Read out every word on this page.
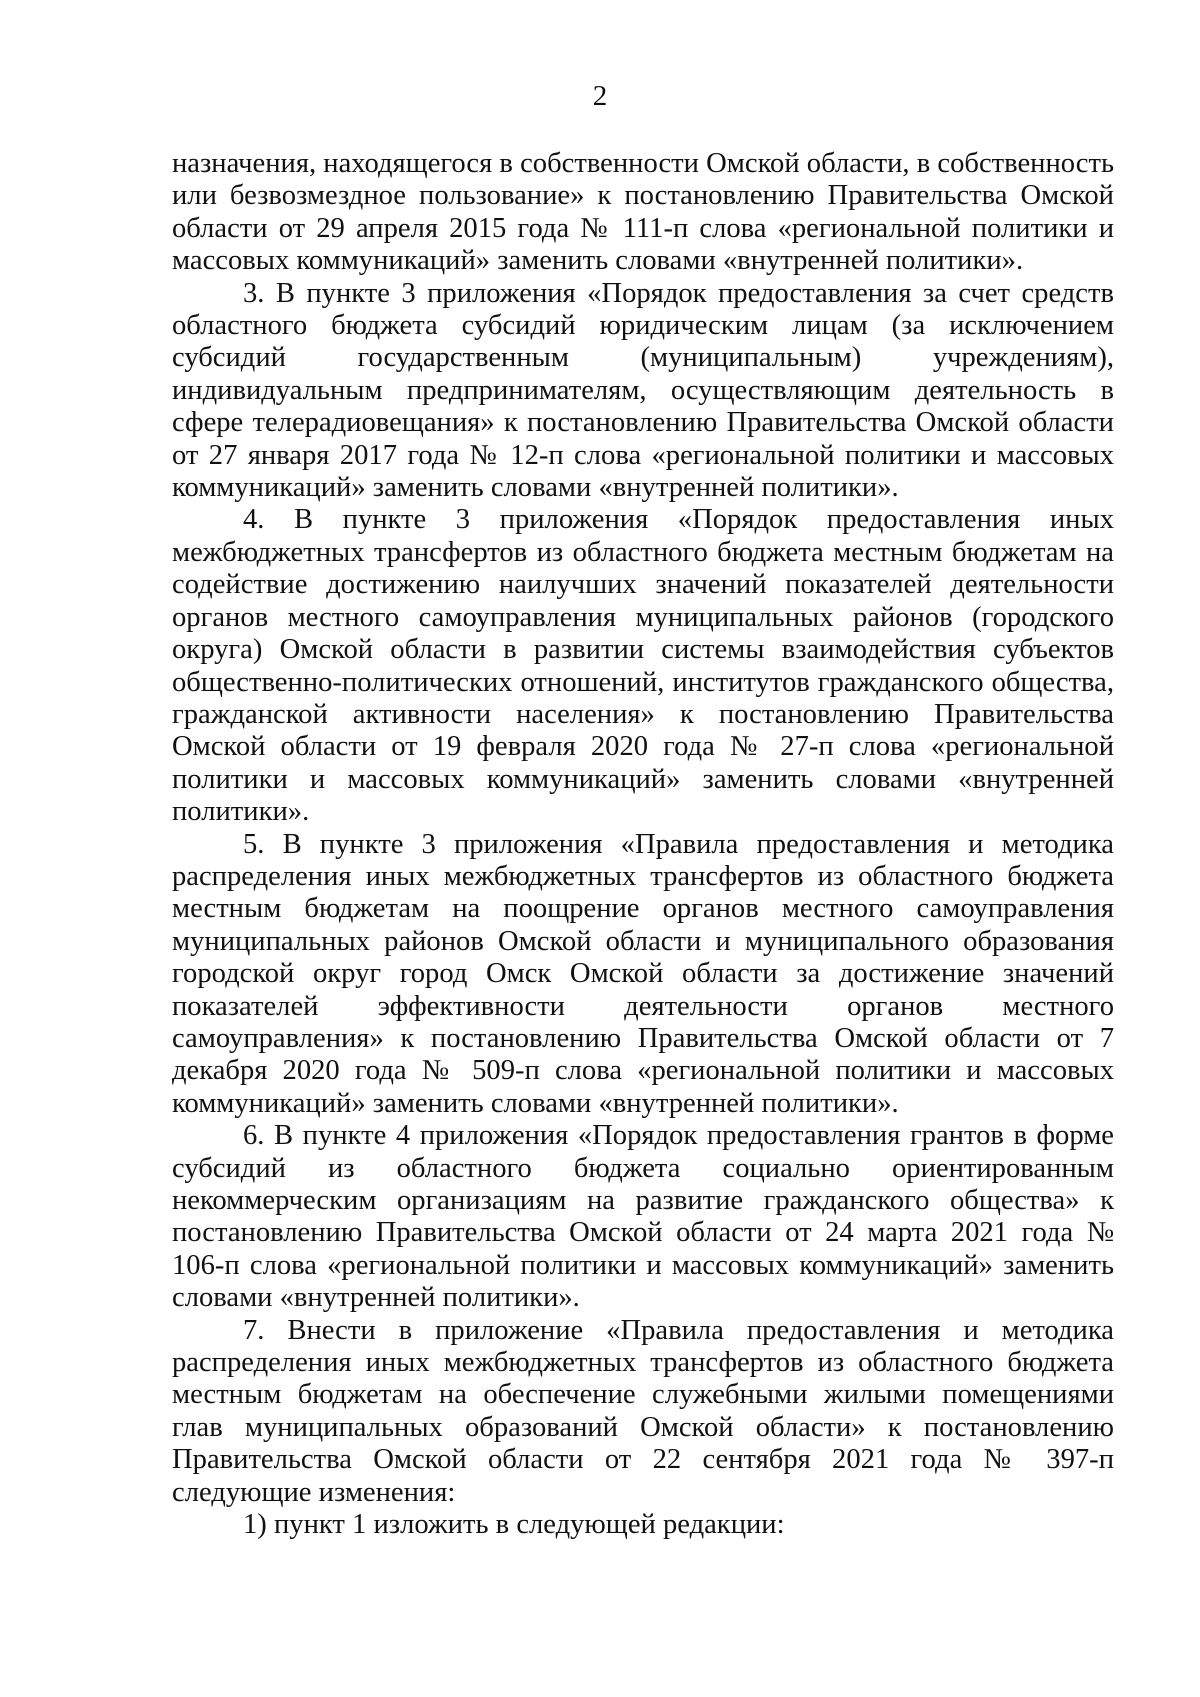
2

назначения, находящегося в собственности Омской области, в собственность или безвозмездное пользование» к постановлению Правительства Омской области от 29 апреля 2015 года № 111-п слова «региональной политики и массовых коммуникаций» заменить словами «внутренней политики».

3. В пункте 3 приложения «Порядок предоставления за счет средств областного бюджета субсидий юридическим лицам (за исключением субсидий государственным (муниципальным) учреждениям), индивидуальным предпринимателям, осуществляющим деятельность в сфере телерадиовещания» к постановлению Правительства Омской области от 27 января 2017 года № 12-п слова «региональной политики и массовых коммуникаций» заменить словами «внутренней политики».

4. В пункте 3 приложения «Порядок предоставления иных межбюджетных трансфертов из областного бюджета местным бюджетам на содействие достижению наилучших значений показателей деятельности органов местного самоуправления муниципальных районов (городского округа) Омской области в развитии системы взаимодействия субъектов общественно-политических отношений, институтов гражданского общества, гражданской активности населения» к постановлению Правительства Омской области от 19 февраля 2020 года № 27-п слова «региональной политики и массовых коммуникаций» заменить словами «внутренней политики».

5. В пункте 3 приложения «Правила предоставления и методика распределения иных межбюджетных трансфертов из областного бюджета местным бюджетам на поощрение органов местного самоуправления муниципальных районов Омской области и муниципального образования городской округ город Омск Омской области за достижение значений показателей эффективности деятельности органов местного самоуправления» к постановлению Правительства Омской области от 7 декабря 2020 года № 509-п слова «региональной политики и массовых коммуникаций» заменить словами «внутренней политики».

6. В пункте 4 приложения «Порядок предоставления грантов в форме субсидий из областного бюджета социально ориентированным некоммерческим организациям на развитие гражданского общества» к постановлению Правительства Омской области от 24 марта 2021 года № 106-п слова «региональной политики и массовых коммуникаций» заменить словами «внутренней политики».

7. Внести в приложение «Правила предоставления и методика распределения иных межбюджетных трансфертов из областного бюджета местным бюджетам на обеспечение служебными жилыми помещениями глав муниципальных образований Омской области» к постановлению Правительства Омской области от 22 сентября 2021 года № 397-п следующие изменения:

1) пункт 1 изложить в следующей редакции:
